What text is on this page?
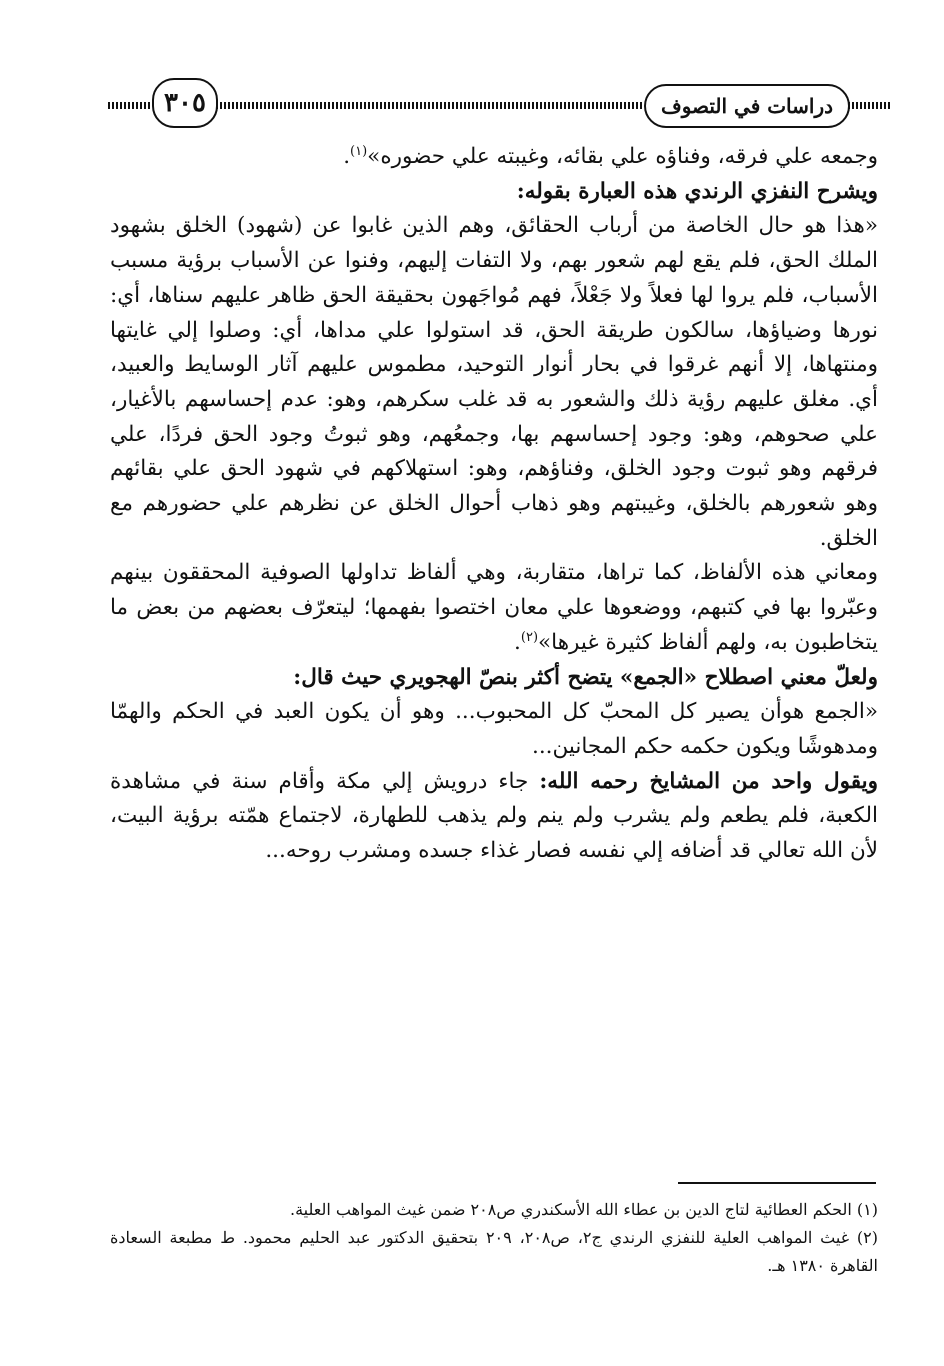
٣٠٥	دراسات في التصوف

وجمعه علي فرقه، وفناؤه علي بقائه، وغيبته علي حضوره»$^{(١)}$.

ويشرح النفزي الرندي هذه العبارة بقوله:

«هذا هو حال الخاصة من أرباب الحقائق، وهم الذين غابوا عن (شهود) الخلق بشهود الملك الحق، فلم يقع لهم شعور بهم، ولا التفات إليهم، وفنوا عن الأسباب برؤية مسبب الأسباب، فلم يروا لها فعلاً ولا جَعْلاً، فهم مُواجَهون بحقيقة الحق ظاهر عليهم سناها، أي: نورها وضياؤها، سالكون طريقة الحق، قد استولوا علي مداها، أي: وصلوا إلي غايتها ومنتهاها، إلا أنهم غرقوا في بحار أنوار التوحيد، مطموس عليهم آثار الوسايط والعبيد، أي. مغلق عليهم رؤية ذلك والشعور به قد غلب سكرهم، وهو: عدم إحساسهم بالأغيار، علي صحوهم، وهو: وجود إحساسهم بها، وجمعُهم، وهو ثبوتُ وجود الحق فردًا، علي فرقهم وهو ثبوت وجود الخلق، وفناؤهم، وهو: استهلاكهم في شهود الحق علي بقائهم وهو شعورهم بالخلق، وغيبتهم وهو ذهاب أحوال الخلق عن نظرهم علي حضورهم مع الخلق.

ومعاني هذه الألفاظ، كما تراها، متقاربة، وهي ألفاظ تداولها الصوفية المحققون بينهم وعبّروا بها في كتبهم، ووضعوها علي معان اختصوا بفهمها؛ ليتعرّف بعضهم من بعض ما يتخاطبون به، ولهم ألفاظ كثيرة غيرها»$^{(٢)}$.

ولعلّ معني اصطلاح «الجمع» يتضح أكثر بنصّ الهجويري حيث قال:

«الجمع هوأن يصير كل المحبّ كل المحبوب... وهو أن يكون العبد في الحكم والهمّا ومدهوشًا ويكون حكمه حكم المجانين...

ويقول واحد من المشايخ رحمه الله: جاء درويش إلي مكة وأقام سنة في مشاهدة الكعبة، فلم يطعم ولم يشرب ولم ينم ولم يذهب للطهارة، لاجتماع همّته برؤية البيت، لأن الله تعالي قد أضافه إلي نفسه فصار غذاء جسده ومشرب روحه...

(١) الحكم العطائية لتاج الدين بن عطاء الله الأسكندري ص٢٠٨ ضمن غيث المواهب العلية.

(٢) غيث المواهب العلية للنفزي الرندي ج٢، ص٢٠٨، ٢٠٩ بتحقيق الدكتور عبد الحليم محمود. ط مطبعة السعادة القاهرة ١٣٨٠ هـ.
